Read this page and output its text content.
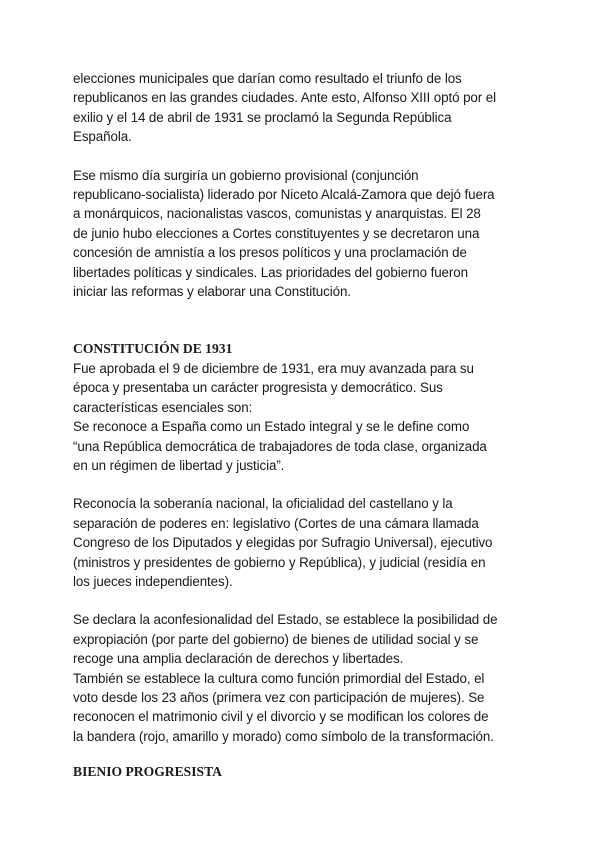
elecciones municipales que darían como resultado el triunfo de los
republicanos en las grandes ciudades. Ante esto, Alfonso XIII optó por el
exilio y el 14 de abril de 1931 se proclamó la Segunda República
Española.

Ese mismo día surgiría un gobierno provisional (conjunción
republicano-socialista) liderado por Niceto Alcalá-Zamora que dejó fuera
a monárquicos, nacionalistas vascos, comunistas y anarquistas. El 28
de junio hubo elecciones a Cortes constituyentes y se decretaron una
concesión de amnistía a los presos políticos y una proclamación de
libertades políticas y sindicales. Las prioridades del gobierno fueron
iniciar las reformas y elaborar una Constitución.

CONSTITUCIÓN DE 1931

Fue aprobada el 9 de diciembre de 1931, era muy avanzada para su
época y presentaba un carácter progresista y democrático. Sus
características esenciales son:
Se reconoce a España como un Estado integral y se le define como
“una República democrática de trabajadores de toda clase, organizada
en un régimen de libertad y justicia”.

Reconocía la soberanía nacional, la oficialidad del castellano y la
separación de poderes en: legislativo (Cortes de una cámara llamada
Congreso de los Diputados y elegidas por Sufragio Universal), ejecutivo
(ministros y presidentes de gobierno y República), y judicial (residía en
los jueces independientes).

Se declara la aconfesionalidad del Estado, se establece la posibilidad de
expropiación (por parte del gobierno) de bienes de utilidad social y se
recoge una amplia declaración de derechos y libertades.
También se establece la cultura como función primordial del Estado, el
voto desde los 23 años (primera vez con participación de mujeres). Se
reconocen el matrimonio civil y el divorcio y se modifican los colores de
la bandera (rojo, amarillo y morado) como símbolo de la transformación.

BIENIO PROGRESISTA
